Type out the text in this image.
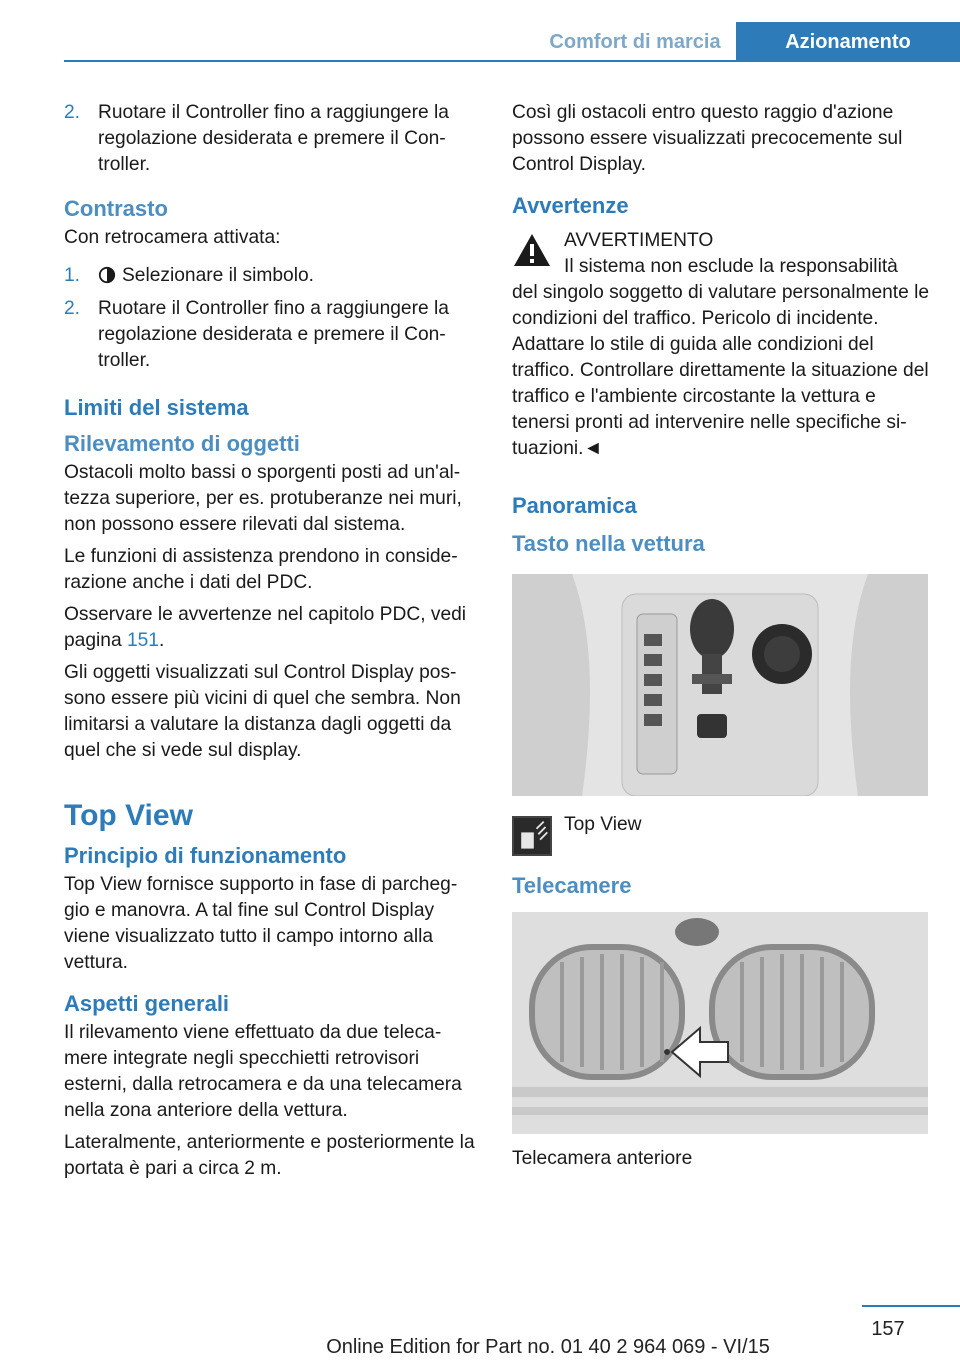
Comfort di marcia	Azionamento
2. Ruotare il Controller fino a raggiungere la regolazione desiderata e premere il Con-troller.
Contrasto

Con retrocamera attivata:

1. Selezionare il simbolo.
2. Ruotare il Controller fino a raggiungere la regolazione desiderata e premere il Con-troller.
Limiti del sistema
Rilevamento di oggetti

Ostacoli molto bassi o sporgenti posti ad un'al-tezza superiore, per es. protuberanze nei muri, non possono essere rilevati dal sistema.

Le funzioni di assistenza prendono in conside-razione anche i dati del PDC.

Osservare le avvertenze nel capitolo PDC, vedi pagina 151.

Gli oggetti visualizzati sul Control Display pos-sono essere più vicini di quel che sembra. Non limitarsi a valutare la distanza dagli oggetti da quel che si vede sul display.

Top View
Principio di funzionamento

Top View fornisce supporto in fase di parcheg-gio e manovra. A tal fine sul Control Display viene visualizzato tutto il campo intorno alla vettura.

Aspetti generali

Il rilevamento viene effettuato da due teleca-mere integrate negli specchietti retrovisori esterni, dalla retrocamera e da una telecamera nella zona anteriore della vettura.

Lateralmente, anteriormente e posteriormente la portata è pari a circa 2 m.

Così gli ostacoli entro questo raggio d'azione possono essere visualizzati precocemente sul Control Display.

Avvertenze
AVVERTIMENTO
Il sistema non esclude la responsabilità
del singolo soggetto di valutare personalmente le condizioni del traffico. Pericolo di incidente. Adattare lo stile di guida alle condizioni del traffico. Controllare direttamente la situazione del traffico e l'ambiente circostante la vettura e tenersi pronti ad intervenire nelle specifiche si-tuazioni.◄
Panoramica
Tasto nella vettura
Top View
Telecamere

Telecamera anteriore

157
Online Edition for Part no. 01 40 2 964 069 - VI/15
